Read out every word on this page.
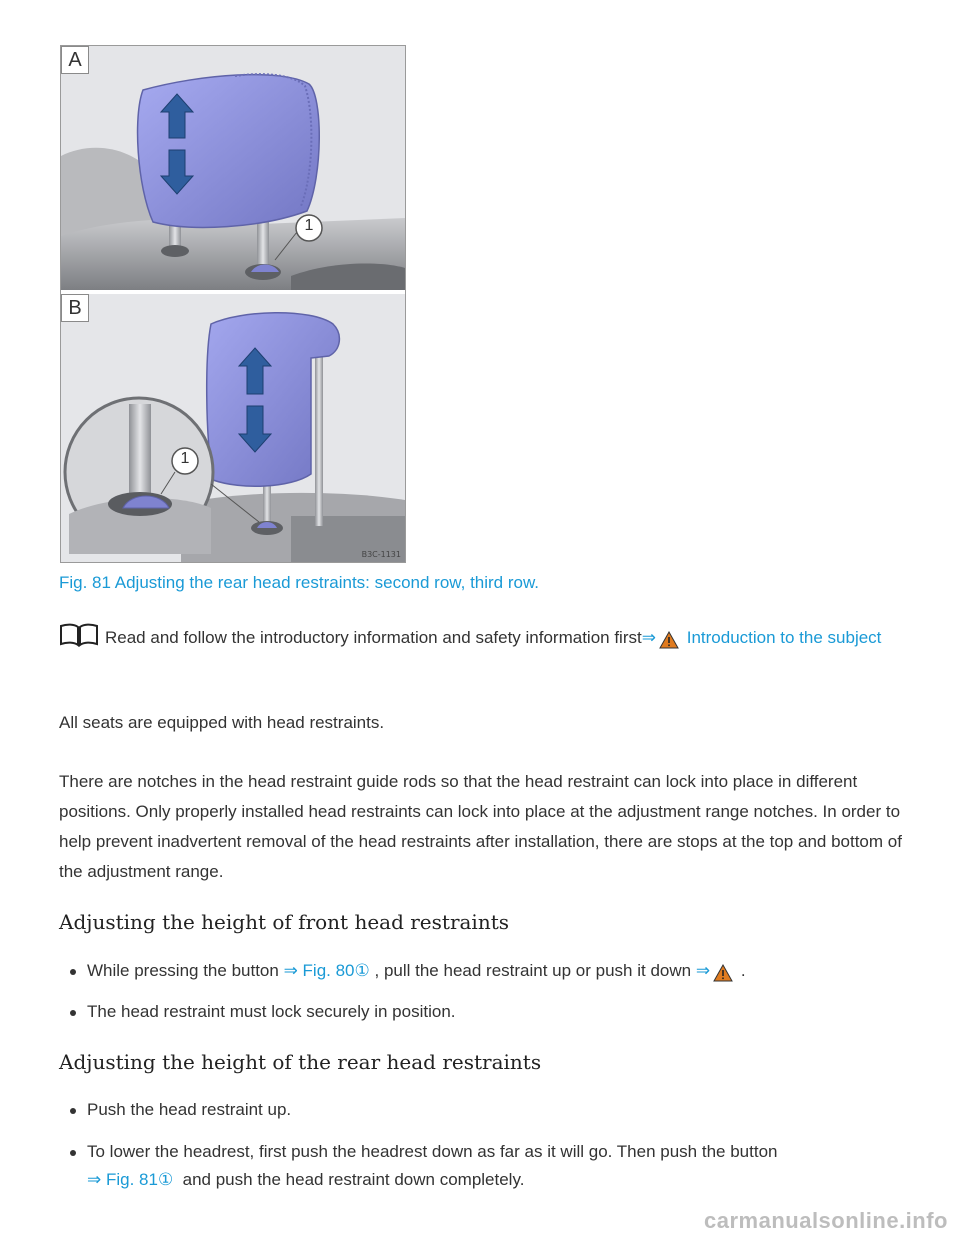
A
1
B
1
B3C-1131
Fig. 81 Adjusting the rear head restraints: second row, third row.
Read and follow the introductory information and safety information first⇒ Introduction to the subject
All seats are equipped with head restraints.
There are notches in the head restraint guide rods so that the head restraint can lock into place in different positions. Only properly installed head restraints can lock into place at the adjustment range notches. In order to help prevent inadvertent removal of the head restraints after installation, there are stops at the top and bottom of the adjustment range.
Adjusting the height of front head restraints
While pressing the button ⇒ Fig. 80① , pull the head restraint up or push it down ⇒ .
The head restraint must lock securely in position.
Adjusting the height of the rear head restraints
Push the head restraint up.
To lower the headrest, first push the headrest down as far as it will go. Then push the button
⇒ Fig. 81① and push the head restraint down completely.
carmanualsonline.info
